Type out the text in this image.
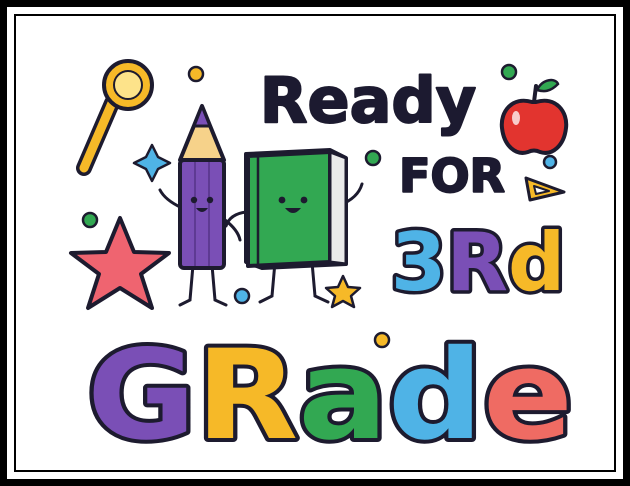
Ready
FOR
3Rd
GRade
